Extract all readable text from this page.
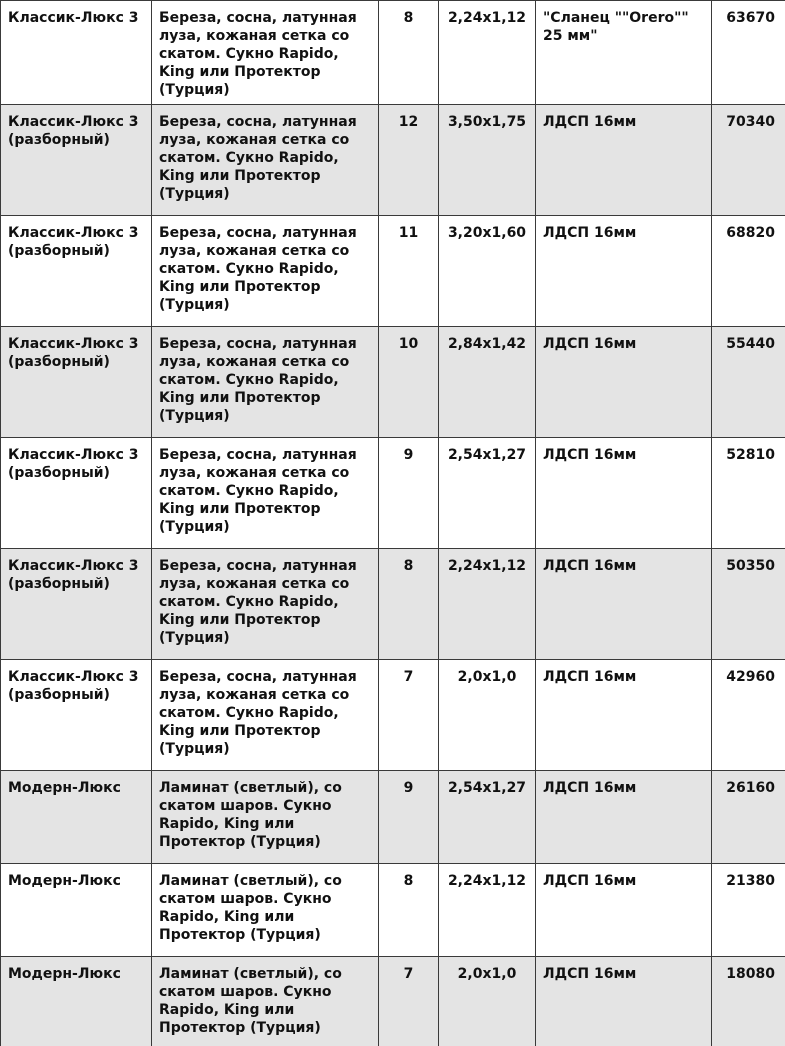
Классик-Люкс 3	Береза, сосна, латунная луза, кожаная сетка со скатом. Сукно Rapido, King или Протектор (Турция)	8	2,24x1,12	"Сланец ""Orero"" 25 мм"	63670
Классик-Люкс 3 (разборный)	Береза, сосна, латунная луза, кожаная сетка со скатом. Сукно Rapido, King или Протектор (Турция)	12	3,50x1,75	ЛДСП 16мм	70340
Классик-Люкс 3 (разборный)	Береза, сосна, латунная луза, кожаная сетка со скатом. Сукно Rapido, King или Протектор (Турция)	11	3,20x1,60	ЛДСП 16мм	68820
Классик-Люкс 3 (разборный)	Береза, сосна, латунная луза, кожаная сетка со скатом. Сукно Rapido, King или Протектор (Турция)	10	2,84x1,42	ЛДСП 16мм	55440
Классик-Люкс 3 (разборный)	Береза, сосна, латунная луза, кожаная сетка со скатом. Сукно Rapido, King или Протектор (Турция)	9	2,54x1,27	ЛДСП 16мм	52810
Классик-Люкс 3 (разборный)	Береза, сосна, латунная луза, кожаная сетка со скатом. Сукно Rapido, King или Протектор (Турция)	8	2,24x1,12	ЛДСП 16мм	50350
Классик-Люкс 3 (разборный)	Береза, сосна, латунная луза, кожаная сетка со скатом. Сукно Rapido, King или Протектор (Турция)	7	2,0x1,0	ЛДСП 16мм	42960
Модерн-Люкс	Ламинат (светлый), со скатом шаров. Сукно Rapido, King или Протектор (Турция)	9	2,54x1,27	ЛДСП 16мм	26160
Модерн-Люкс	Ламинат (светлый), со скатом шаров. Сукно Rapido, King или Протектор (Турция)	8	2,24x1,12	ЛДСП 16мм	21380
Модерн-Люкс	Ламинат (светлый), со скатом шаров. Сукно Rapido, King или Протектор (Турция)	7	2,0x1,0	ЛДСП 16мм	18080
